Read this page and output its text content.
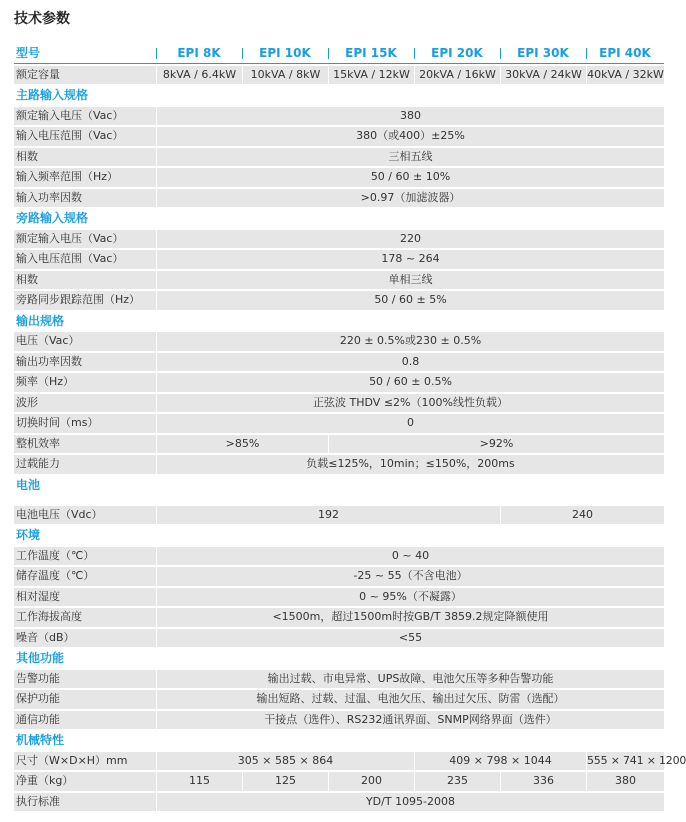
技术参数
型号	EPI 8K	EPI 10K	EPI 15K	EPI 20K	EPI 30K	EPI 40K	
额定容量	8kVA / 6.4kW	10kVA / 8kW	15kVA / 12kW	20kVA / 16kW	30kVA / 24kW	40kVA / 32kW	
主路输入规格							
额定输入电压（Vac）	380						
输入电压范围（Vac）	380（或400）±25%						
相数	三相五线						
输入频率范围（Hz）	50 / 60 ± 10%						
输入功率因数	>0.97（加滤波器）						
旁路输入规格							
额定输入电压（Vac）	220						
输入电压范围（Vac）	178 ~ 264						
相数	单相三线						
旁路同步跟踪范围（Hz）	50 / 60 ± 5%						
输出规格							
电压（Vac）	220 ± 0.5%或230 ± 0.5%						
输出功率因数	0.8						
频率（Hz）	50 / 60 ± 0.5%						
波形	正弦波 THDV ≤2%（100%线性负载）						
切换时间（ms）	0						
整机效率	>85%		>92%				
过载能力	负载≤125%，10min；≤150%，200ms						
电池							
电池电压（Vdc）	192				240		
环境							
工作温度（℃）	0 ~ 40						
储存温度（℃）	-25 ~ 55（不含电池）						
相对湿度	0 ~ 95%（不凝露）						
工作海拔高度	<1500m，超过1500m时按GB/T 3859.2规定降额使用						
噪音（dB）	<55						
其他功能							
告警功能	输出过载、市电异常、UPS故障、电池欠压等多种告警功能						
保护功能	输出短路、过载、过温、电池欠压、输出过欠压、防雷（选配）						
通信功能	干接点（选件）、RS232通讯界面、SNMP网络界面（选件）						
机械特性							
尺寸（W×D×H）mm	305 × 585 × 864			409 × 798 × 1044		555 × 741 × 1200	
净重（kg）	115	125	200	235	336	380	
执行标准	YD/T 1095-2008						
